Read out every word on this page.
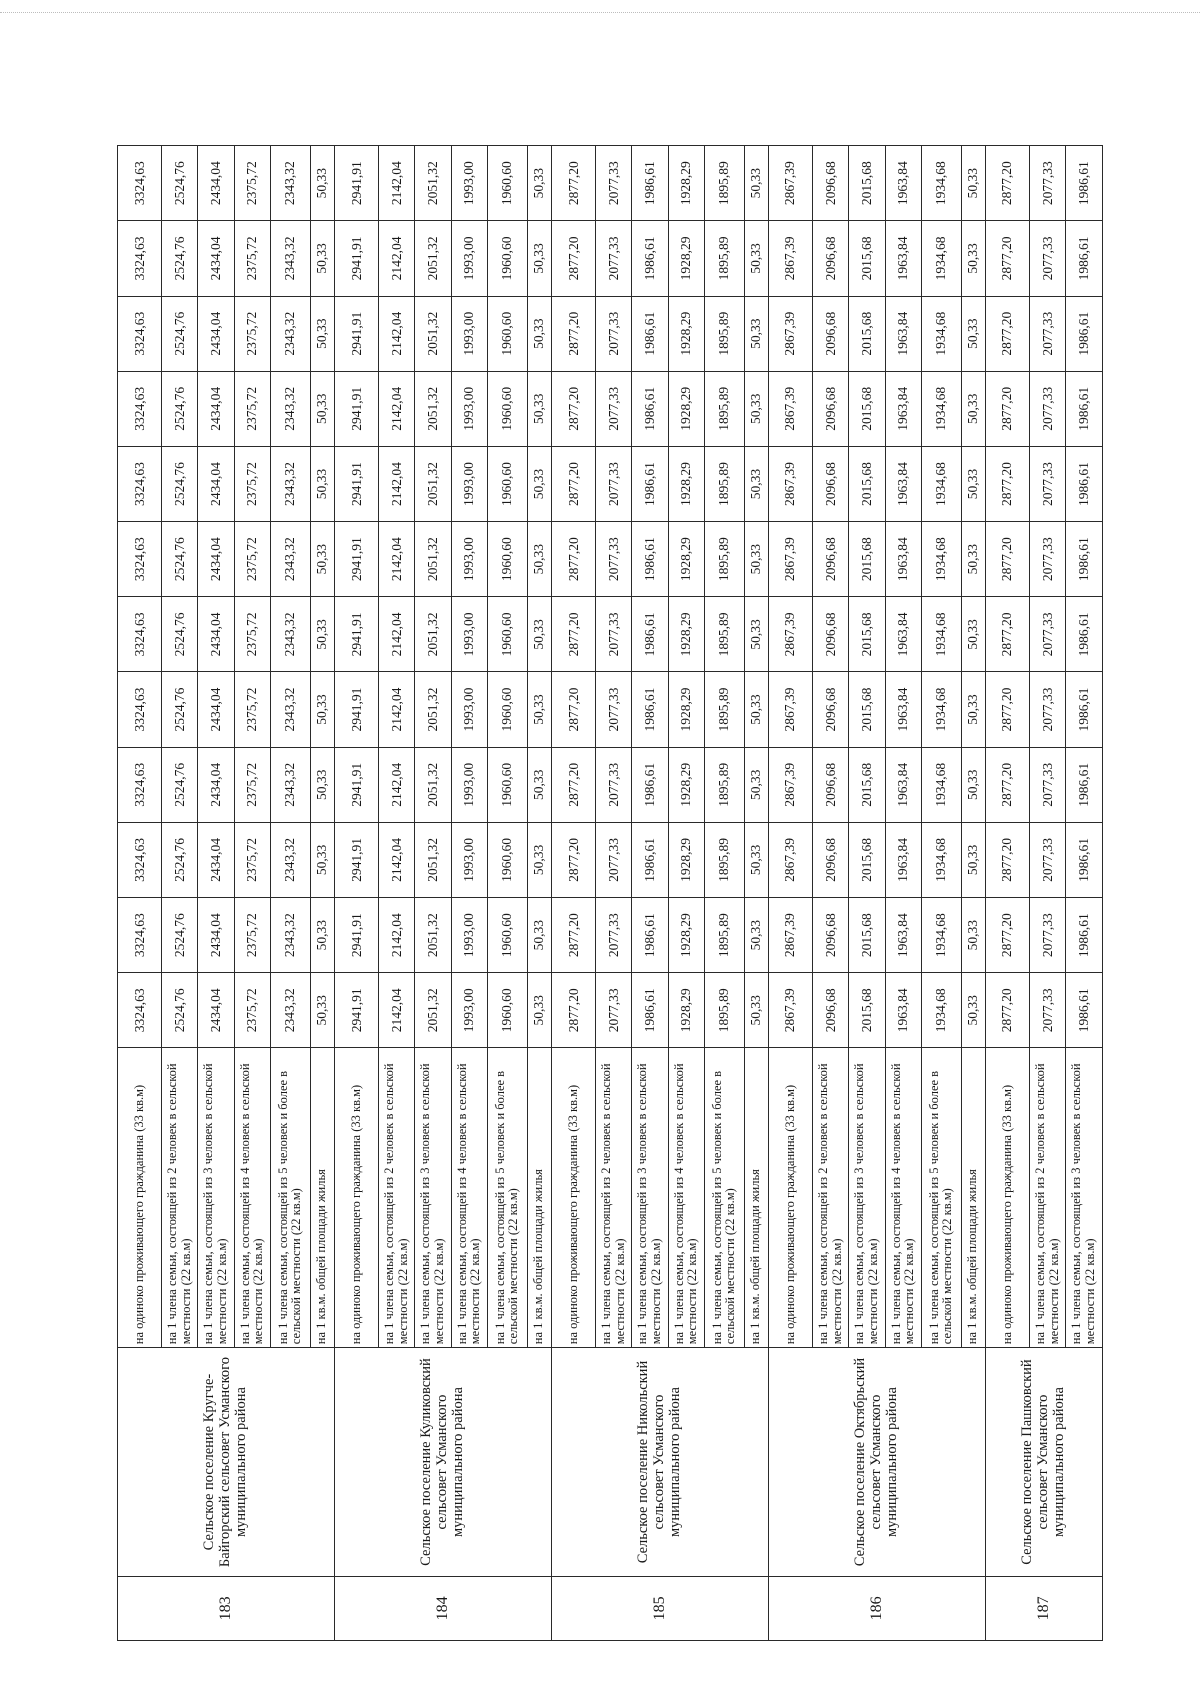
183	Сельское поселение Кругче-Байгорский сельсовет Усманского муниципального района	на одиноко проживающего гражданина (33 кв.м)	3324,63	3324,63	3324,63	3324,63	3324,63	3324,63	3324,63	3324,63	3324,63	3324,63	3324,63	3324,63
		на 1 члена семьи, состоящей из 2 человек в сельской местности (22 кв.м)	2524,76	2524,76	2524,76	2524,76	2524,76	2524,76	2524,76	2524,76	2524,76	2524,76	2524,76	2524,76
		на 1 члена семьи, состоящей из 3 человек в сельской местности (22 кв.м)	2434,04	2434,04	2434,04	2434,04	2434,04	2434,04	2434,04	2434,04	2434,04	2434,04	2434,04	2434,04
		на 1 члена семьи, состоящей из 4 человек в сельской местности (22 кв.м)	2375,72	2375,72	2375,72	2375,72	2375,72	2375,72	2375,72	2375,72	2375,72	2375,72	2375,72	2375,72
		на 1 члена семьи, состоящей из 5 человек и более в сельской местности (22 кв.м)	2343,32	2343,32	2343,32	2343,32	2343,32	2343,32	2343,32	2343,32	2343,32	2343,32	2343,32	2343,32
		на 1 кв.м. общей площади жилья	50,33	50,33	50,33	50,33	50,33	50,33	50,33	50,33	50,33	50,33	50,33	50,33
184	Сельское поселение Куликовский сельсовет Усманского муниципального района	на одиноко проживающего гражданина (33 кв.м)	2941,91	2941,91	2941,91	2941,91	2941,91	2941,91	2941,91	2941,91	2941,91	2941,91	2941,91	2941,91
		на 1 члена семьи, состоящей из 2 человек в сельской местности (22 кв.м)	2142,04	2142,04	2142,04	2142,04	2142,04	2142,04	2142,04	2142,04	2142,04	2142,04	2142,04	2142,04
		на 1 члена семьи, состоящей из 3 человек в сельской местности (22 кв.м)	2051,32	2051,32	2051,32	2051,32	2051,32	2051,32	2051,32	2051,32	2051,32	2051,32	2051,32	2051,32
		на 1 члена семьи, состоящей из 4 человек в сельской местности (22 кв.м)	1993,00	1993,00	1993,00	1993,00	1993,00	1993,00	1993,00	1993,00	1993,00	1993,00	1993,00	1993,00
		на 1 члена семьи, состоящей из 5 человек и более в сельской местности (22 кв.м)	1960,60	1960,60	1960,60	1960,60	1960,60	1960,60	1960,60	1960,60	1960,60	1960,60	1960,60	1960,60
		на 1 кв.м. общей площади жилья	50,33	50,33	50,33	50,33	50,33	50,33	50,33	50,33	50,33	50,33	50,33	50,33
185	Сельское поселение Никольский сельсовет Усманского муниципального района	на одиноко проживающего гражданина (33 кв.м)	2877,20	2877,20	2877,20	2877,20	2877,20	2877,20	2877,20	2877,20	2877,20	2877,20	2877,20	2877,20
		на 1 члена семьи, состоящей из 2 человек в сельской местности (22 кв.м)	2077,33	2077,33	2077,33	2077,33	2077,33	2077,33	2077,33	2077,33	2077,33	2077,33	2077,33	2077,33
		на 1 члена семьи, состоящей из 3 человек в сельской местности (22 кв.м)	1986,61	1986,61	1986,61	1986,61	1986,61	1986,61	1986,61	1986,61	1986,61	1986,61	1986,61	1986,61
		на 1 члена семьи, состоящей из 4 человек в сельской местности (22 кв.м)	1928,29	1928,29	1928,29	1928,29	1928,29	1928,29	1928,29	1928,29	1928,29	1928,29	1928,29	1928,29
		на 1 члена семьи, состоящей из 5 человек и более в сельской местности (22 кв.м)	1895,89	1895,89	1895,89	1895,89	1895,89	1895,89	1895,89	1895,89	1895,89	1895,89	1895,89	1895,89
		на 1 кв.м. общей площади жилья	50,33	50,33	50,33	50,33	50,33	50,33	50,33	50,33	50,33	50,33	50,33	50,33
186	Сельское поселение Октябрьский сельсовет Усманского муниципального района	на одиноко проживающего гражданина (33 кв.м)	2867,39	2867,39	2867,39	2867,39	2867,39	2867,39	2867,39	2867,39	2867,39	2867,39	2867,39	2867,39
		на 1 члена семьи, состоящей из 2 человек в сельской местности (22 кв.м)	2096,68	2096,68	2096,68	2096,68	2096,68	2096,68	2096,68	2096,68	2096,68	2096,68	2096,68	2096,68
		на 1 члена семьи, состоящей из 3 человек в сельской местности (22 кв.м)	2015,68	2015,68	2015,68	2015,68	2015,68	2015,68	2015,68	2015,68	2015,68	2015,68	2015,68	2015,68
		на 1 члена семьи, состоящей из 4 человек в сельской местности (22 кв.м)	1963,84	1963,84	1963,84	1963,84	1963,84	1963,84	1963,84	1963,84	1963,84	1963,84	1963,84	1963,84
		на 1 члена семьи, состоящей из 5 человек и более в сельской местности (22 кв.м)	1934,68	1934,68	1934,68	1934,68	1934,68	1934,68	1934,68	1934,68	1934,68	1934,68	1934,68	1934,68
		на 1 кв.м. общей площади жилья	50,33	50,33	50,33	50,33	50,33	50,33	50,33	50,33	50,33	50,33	50,33	50,33
187	Сельское поселение Пашковский сельсовет Усманского муниципального района	на одиноко проживающего гражданина (33 кв.м)	2877,20	2877,20	2877,20	2877,20	2877,20	2877,20	2877,20	2877,20	2877,20	2877,20	2877,20	2877,20
		на 1 члена семьи, состоящей из 2 человек в сельской местности (22 кв.м)	2077,33	2077,33	2077,33	2077,33	2077,33	2077,33	2077,33	2077,33	2077,33	2077,33	2077,33	2077,33
		на 1 члена семьи, состоящей из 3 человек в сельской местности (22 кв.м)	1986,61	1986,61	1986,61	1986,61	1986,61	1986,61	1986,61	1986,61	1986,61	1986,61	1986,61	1986,61
